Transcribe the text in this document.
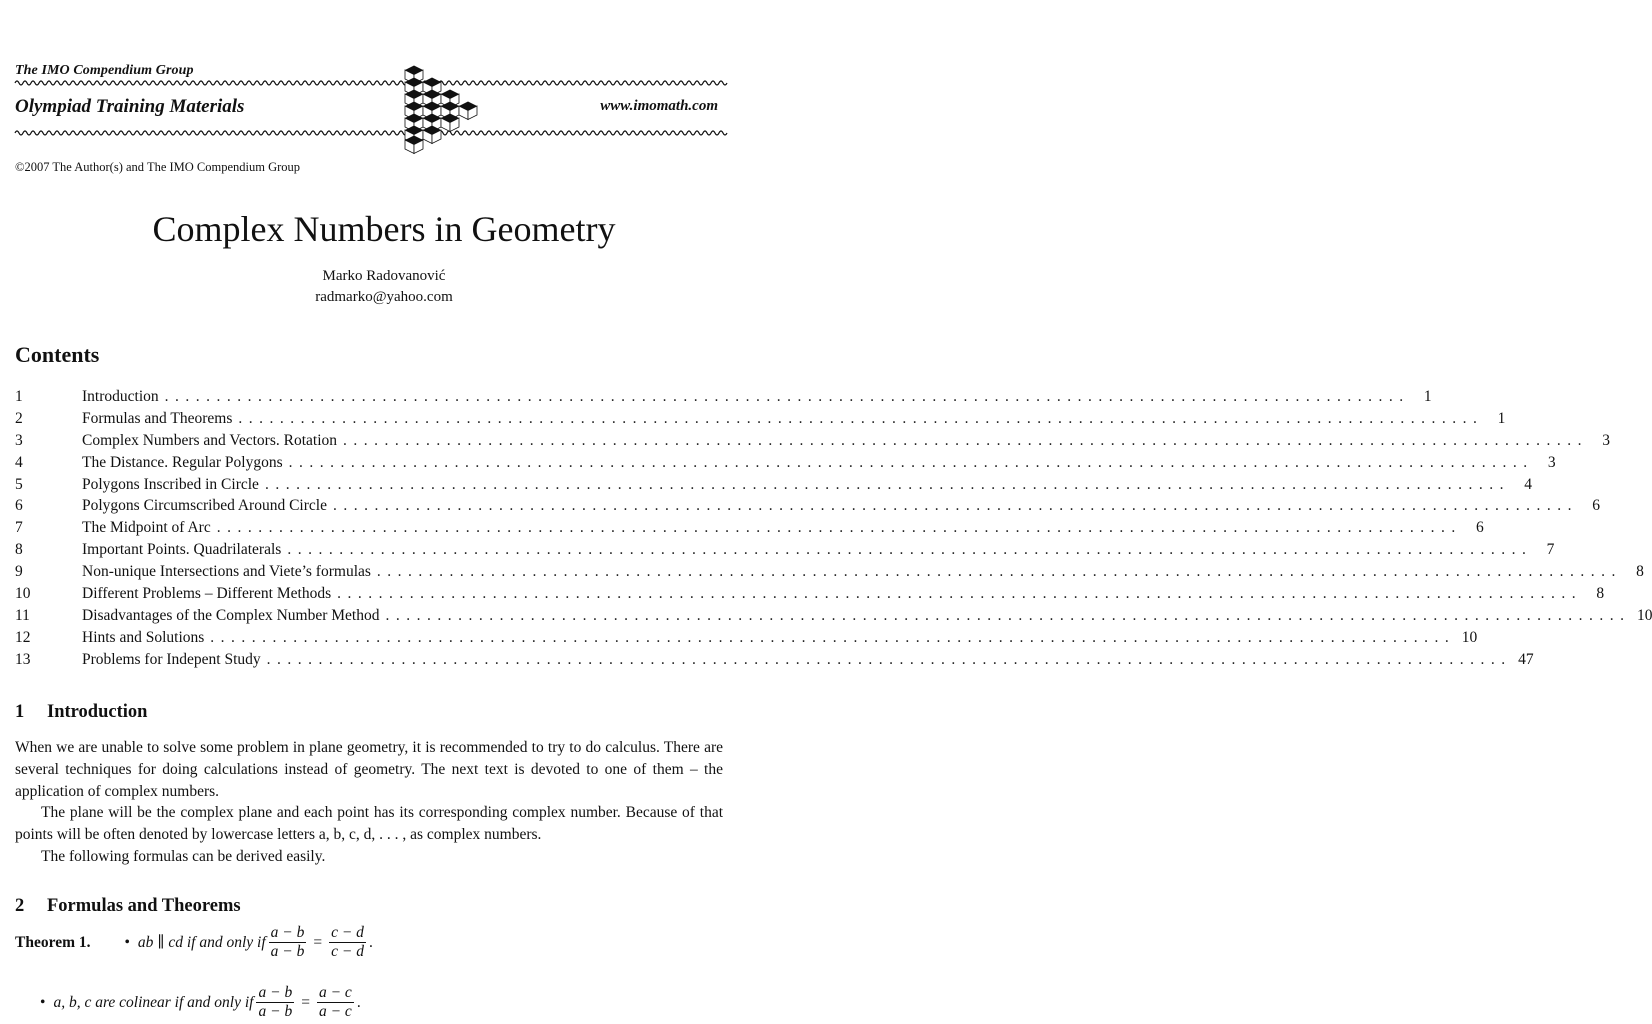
The IMO Compendium Group
Olympiad Training Materials	www.imomath.com
©2007 The Author(s) and The IMO Compendium Group
Complex Numbers in Geometry
Marko Radovanović
radmarko@yahoo.com
Contents
1	Introduction ........................................................................................................................ 1
2	Formulas and Theorems ........................................................................................................................ 1
3	Complex Numbers and Vectors. Rotation ........................................................................................................................ 3
4	The Distance. Regular Polygons ........................................................................................................................ 3
5	Polygons Inscribed in Circle ........................................................................................................................ 4
6	Polygons Circumscribed Around Circle ........................................................................................................................ 6
7	The Midpoint of Arc ........................................................................................................................ 6
8	Important Points. Quadrilaterals ........................................................................................................................ 7
9	Non-unique Intersections and Viete’s formulas ........................................................................................................................ 8
10	Different Problems – Different Methods ........................................................................................................................ 8
11	Disadvantages of the Complex Number Method ........................................................................................................................ 10
12	Hints and Solutions ........................................................................................................................ 10
13	Problems for Indepent Study ........................................................................................................................ 47
1 Introduction

When we are unable to solve some problem in plane geometry, it is recommended to try to do calculus. There are several techniques for doing calculations instead of geometry. The next text is devoted to one of them – the application of complex numbers.

The plane will be the complex plane and each point has its corresponding complex number. Because of that points will be often denoted by lowercase letters a, b, c, d, . . . , as complex numbers.

The following formulas can be derived easily.

2 Formulas and Theorems
Theorem 1. • ab ∥ cd if and only if $\frac{a - b}{\overline{a} - \overline{b}} = \frac{c - d}{\overline{c} - \overline{d}}$ .
• a, b, c are colinear if and only if $\frac{a - b}{\overline{a} - \overline{b}} = \frac{a - c}{\overline{a} - \overline{c}}$ .
